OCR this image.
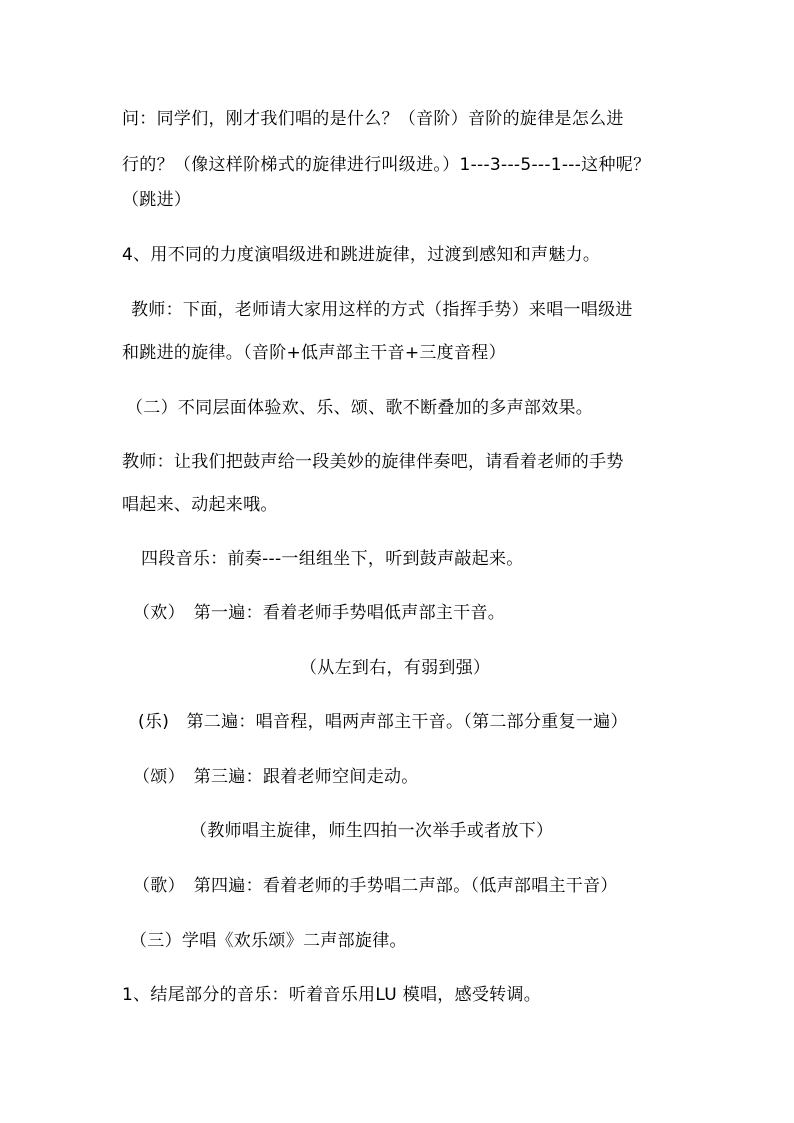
问：同学们，刚才我们唱的是什么？（音阶）音阶的旋律是怎么进
行的？（像这样阶梯式的旋律进行叫级进。）1---3---5---1---这种呢？
（跳进）
4、用不同的力度演唱级进和跳进旋律，过渡到感知和声魅力。
教师：下面，老师请大家用这样的方式（指挥手势）来唱一唱级进
和跳进的旋律。（音阶+低声部主干音+三度音程）
（二）不同层面体验欢、乐、颂、歌不断叠加的多声部效果。
教师：让我们把鼓声给一段美妙的旋律伴奏吧，请看着老师的手势
唱起来、动起来哦。
四段音乐：前奏---一组组坐下，听到鼓声敲起来。
（欢）　第一遍：看着老师手势唱低声部主干音。
（从左到右，有弱到强）
(乐)　第二遍：唱音程，唱两声部主干音。（第二部分重复一遍）
（颂）　第三遍：跟着老师空间走动。
（教师唱主旋律，师生四拍一次举手或者放下）
（歌）　第四遍：看着老师的手势唱二声部。（低声部唱主干音）
（三）学唱《欢乐颂》二声部旋律。
1、结尾部分的音乐：听着音乐用LU 模唱，感受转调。
